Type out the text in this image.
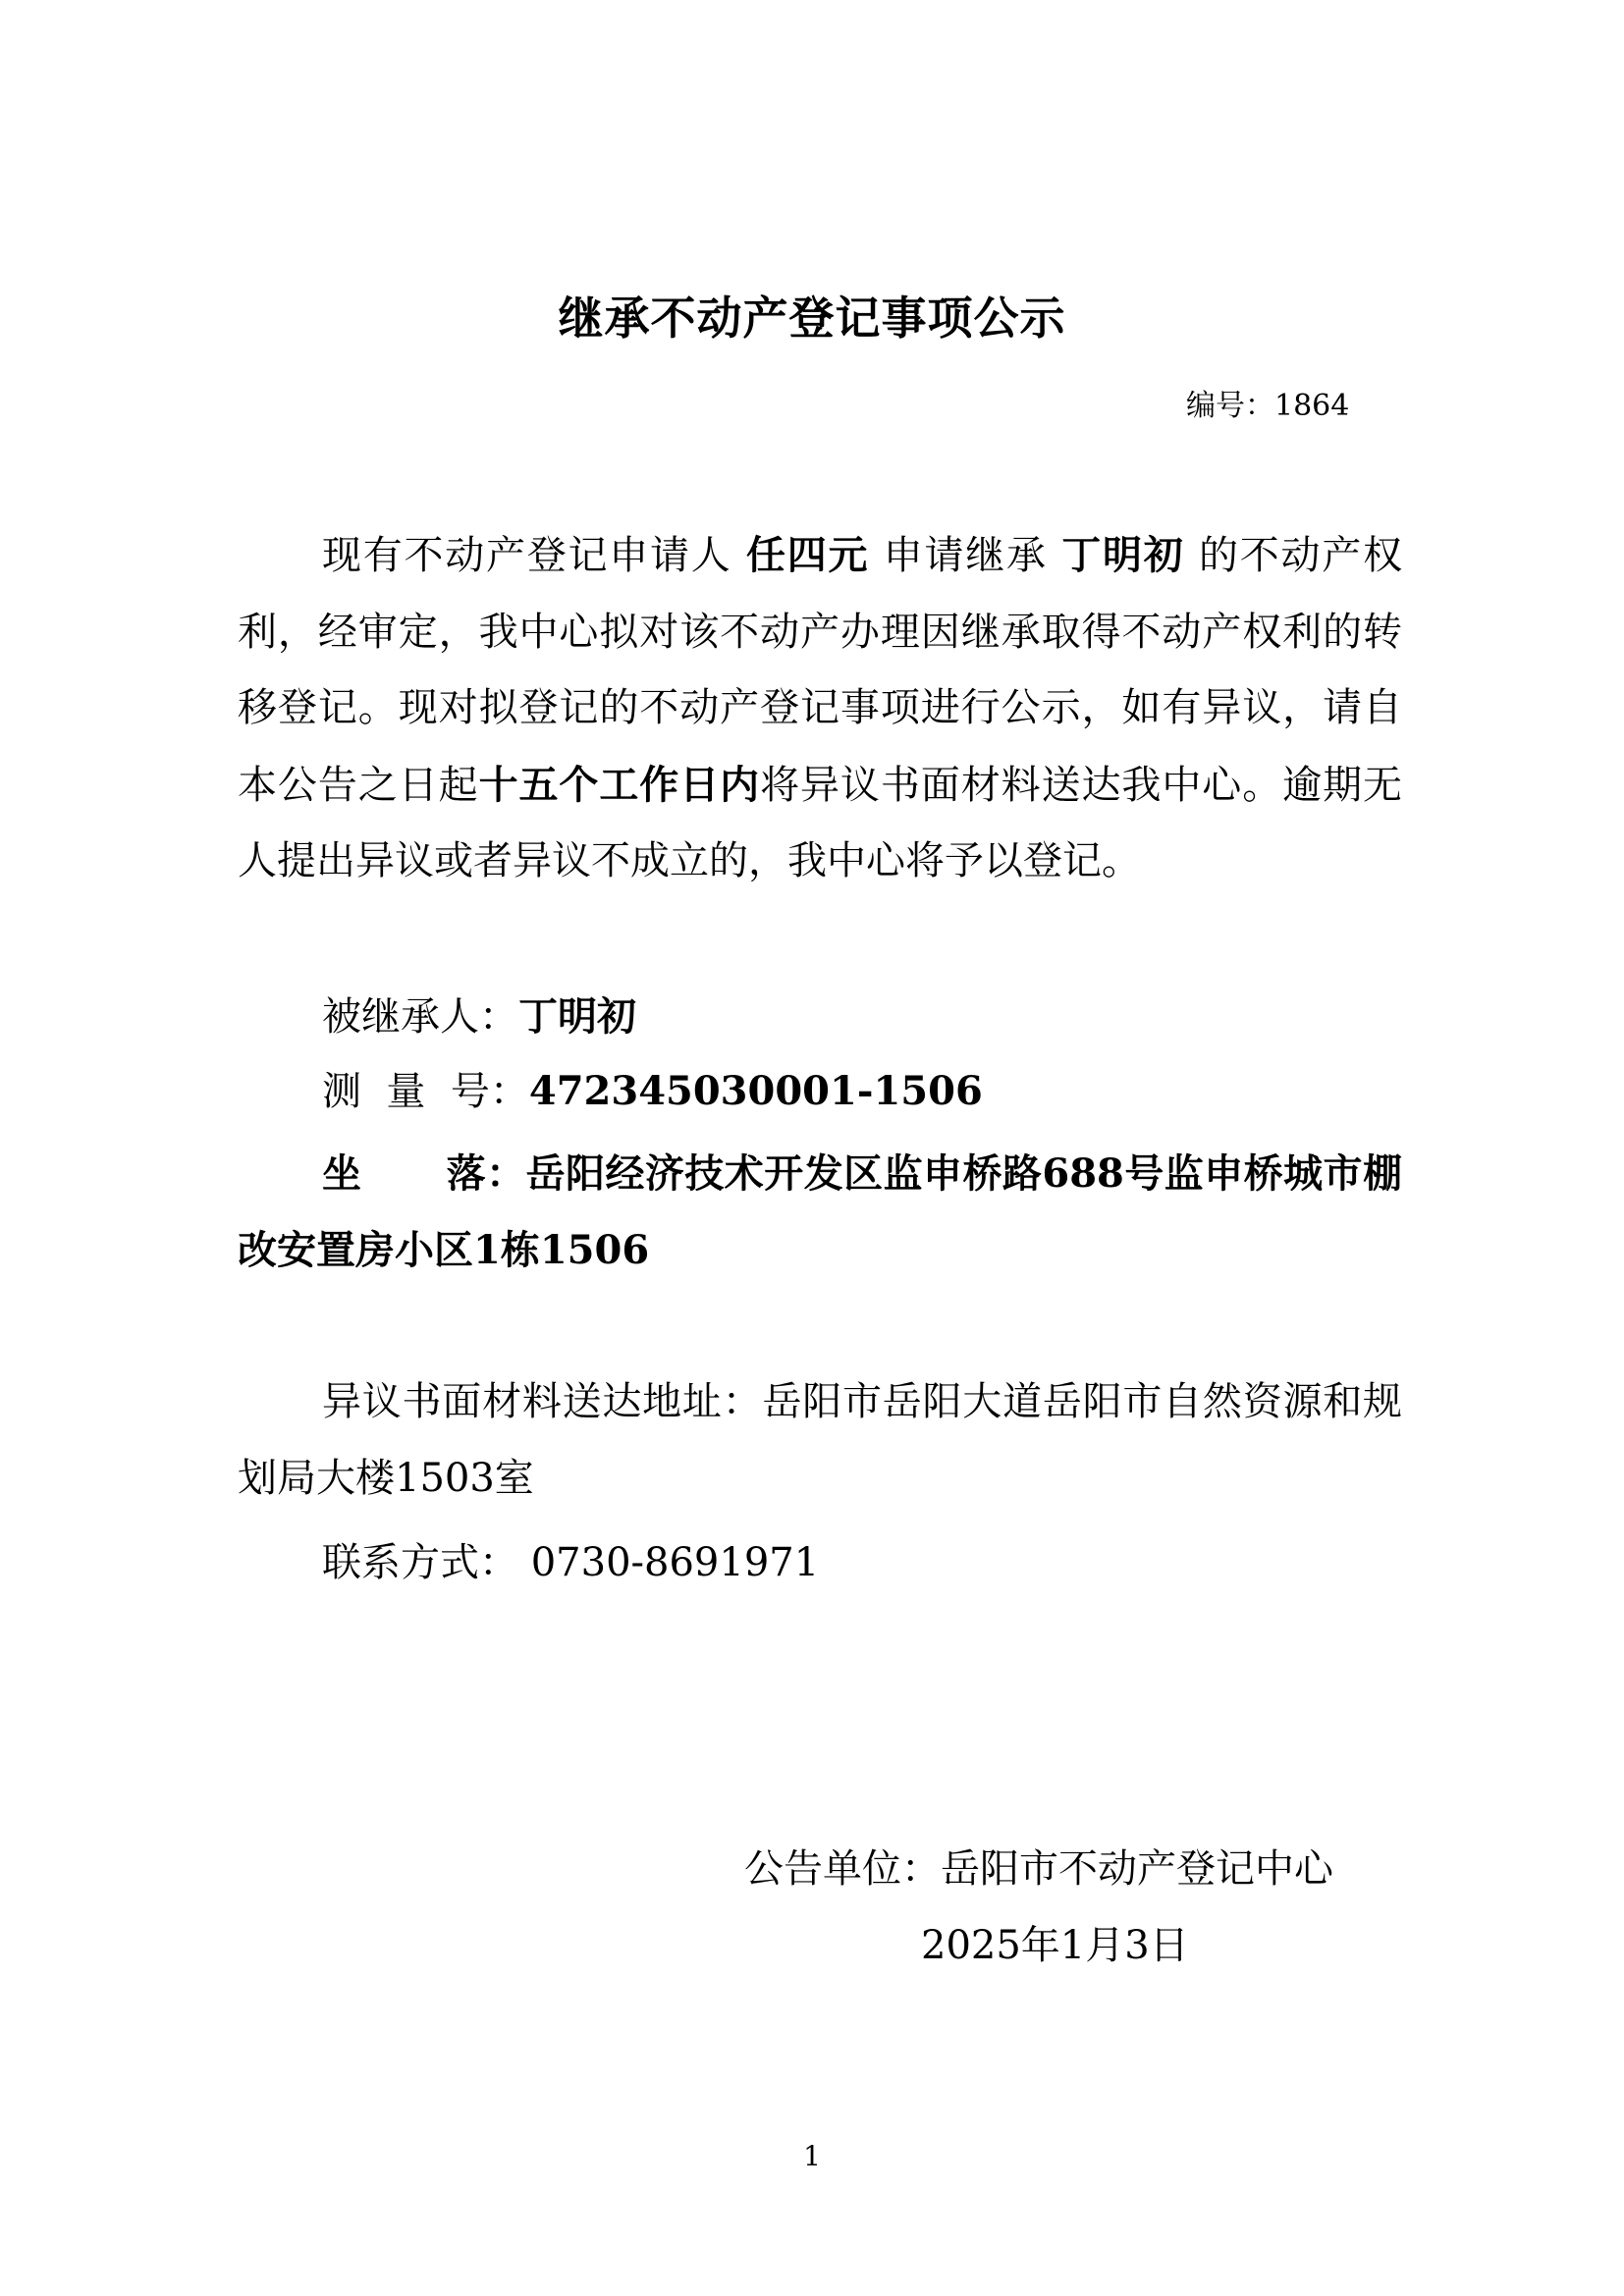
继承不动产登记事项公示
编号：1864
现有不动产登记申请人 任四元 申请继承 丁明初 的不动产权利，经审定，我中心拟对该不动产办理因继承取得不动产权利的转移登记。现对拟登记的不动产登记事项进行公示，如有异议，请自本公告之日起十五个工作日内将异议书面材料送达我中心。逾期无人提出异议或者异议不成立的，我中心将予以登记。
被继承人：丁明初
测  量  号：472345030001-1506
坐      落：岳阳经济技术开发区监申桥路688号监申桥城市棚改安置房小区1栋1506
异议书面材料送达地址：岳阳市岳阳大道岳阳市自然资源和规划局大楼1503室
联系方式： 0730-8691971
公告单位：岳阳市不动产登记中心
2025年1月3日
1
